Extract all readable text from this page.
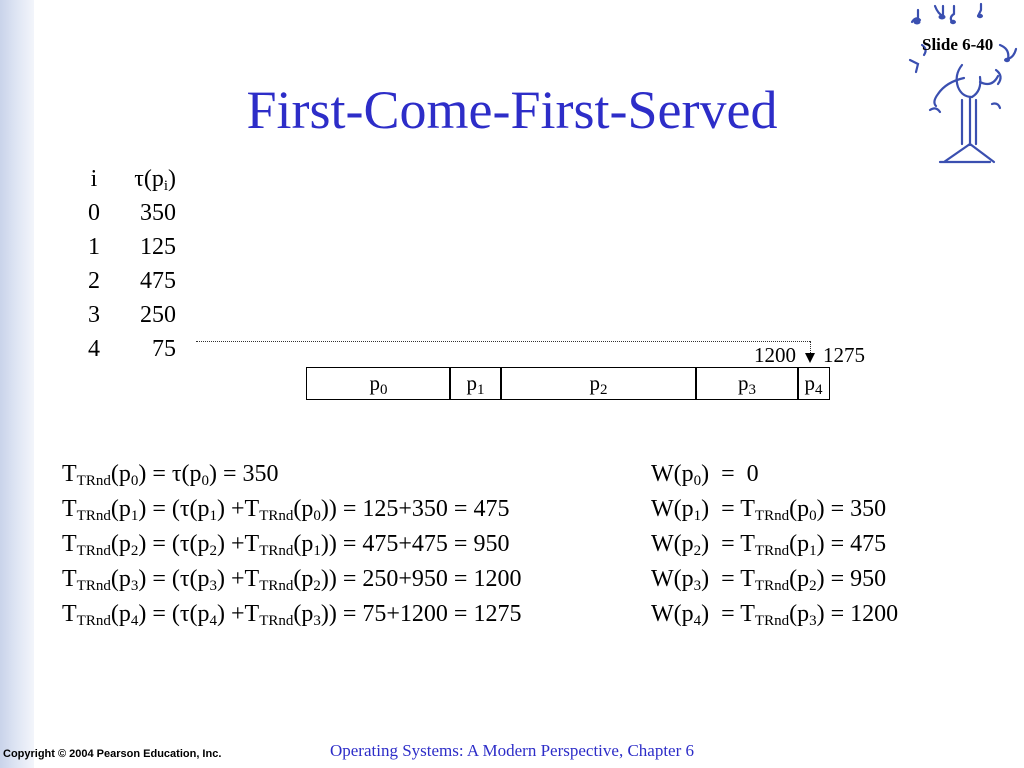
Slide 6-40
First-Come-First-Served
i	$\tau(p_i)$
0	350
1	125
2	475
3	250
4	75	1200 1275
$p_0$	$p_1$	$p_2$	$p_3$	$p_4$
$T_{TRnd}(p_0) = \tau(p_0) = 350$
$T_{TRnd}(p_1) = (\tau(p_1) +T_{TRnd}(p_0)) = 125+350 = 475$
$T_{TRnd}(p_2) = (\tau(p_2) +T_{TRnd}(p_1)) = 475+475 = 950$
$T_{TRnd}(p_3) = (\tau(p_3) +T_{TRnd}(p_2)) = 250+950 = 1200$
$T_{TRnd}(p_4) = (\tau(p_4) +T_{TRnd}(p_3)) = 75+1200 = 1275$
$W(p_0) = 0$
$W(p_1) = T_{TRnd}(p_0) = 350$
$W(p_2) = T_{TRnd}(p_1) = 475$
$W(p_3) = T_{TRnd}(p_2) = 950$
$W(p_4) = T_{TRnd}(p_3) = 1200$
Copyright © 2004 Pearson Education, Inc.	Operating Systems: A Modern Perspective, Chapter 6
